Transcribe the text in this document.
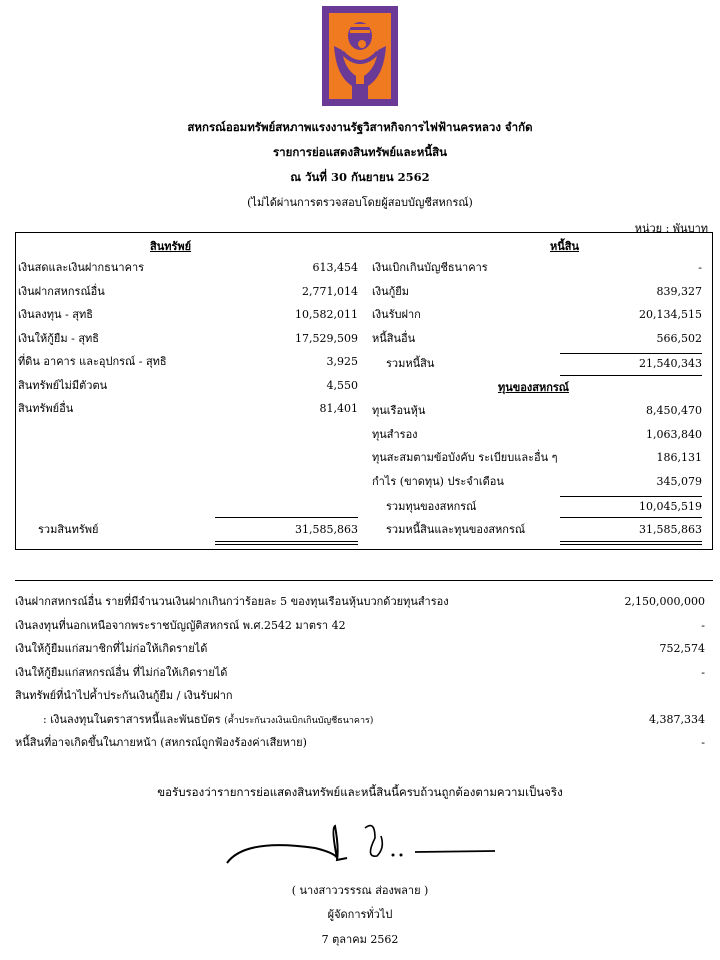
สหกรณ์ออมทรัพย์สหภาพแรงงานรัฐวิสาหกิจการไฟฟ้านครหลวง จำกัด
รายการย่อแสดงสินทรัพย์และหนี้สิน
ณ วันที่ 30 กันยายน 2562
(ไม่ได้ผ่านการตรวจสอบโดยผู้สอบบัญชีสหกรณ์)
หน่วย : พันบาท
สินทรัพย์
เงินสดและเงินฝากธนาคาร	613,454
เงินฝากสหกรณ์อื่น	2,771,014
เงินลงทุน - สุทธิ	10,582,011
เงินให้กู้ยืม - สุทธิ	17,529,509
ที่ดิน อาคาร และอุปกรณ์ - สุทธิ	3,925
สินทรัพย์ไม่มีตัวตน	4,550
สินทรัพย์อื่น	81,401
รวมสินทรัพย์	31,585,863
หนี้สิน
เงินเบิกเกินบัญชีธนาคาร	-
เงินกู้ยืม	839,327
เงินรับฝาก	20,134,515
หนี้สินอื่น	566,502
รวมหนี้สิน	21,540,343
ทุนของสหกรณ์
ทุนเรือนหุ้น	8,450,470
ทุนสำรอง	1,063,840
ทุนสะสมตามข้อบังคับ ระเบียบและอื่น ๆ	186,131
กำไร (ขาดทุน) ประจำเดือน	345,079
รวมทุนของสหกรณ์	10,045,519
รวมหนี้สินและทุนของสหกรณ์	31,585,863
เงินฝากสหกรณ์อื่น รายที่มีจำนวนเงินฝากเกินกว่าร้อยละ 5 ของทุนเรือนหุ้นบวกด้วยทุนสำรอง	2,150,000,000
เงินลงทุนที่นอกเหนือจากพระราชบัญญัติสหกรณ์ พ.ศ.2542 มาตรา 42	-
เงินให้กู้ยืมแก่สมาชิกที่ไม่ก่อให้เกิดรายได้	752,574
เงินให้กู้ยืมแก่สหกรณ์อื่น ที่ไม่ก่อให้เกิดรายได้	-
สินทรัพย์ที่นำไปค้ำประกันเงินกู้ยืม / เงินรับฝาก
: เงินลงทุนในตราสารหนี้และพันธบัตร (ค้ำประกันวงเงินเบิกเกินบัญชีธนาคาร)	4,387,334
หนี้สินที่อาจเกิดขึ้นในภายหน้า (สหกรณ์ถูกฟ้องร้องค่าเสียหาย)	-
ขอรับรองว่ารายการย่อแสดงสินทรัพย์และหนี้สินนี้ครบถ้วนถูกต้องตามความเป็นจริง
( นางสาววรรรณ ส่องพลาย )
ผู้จัดการทั่วไป
7 ตุลาคม 2562
